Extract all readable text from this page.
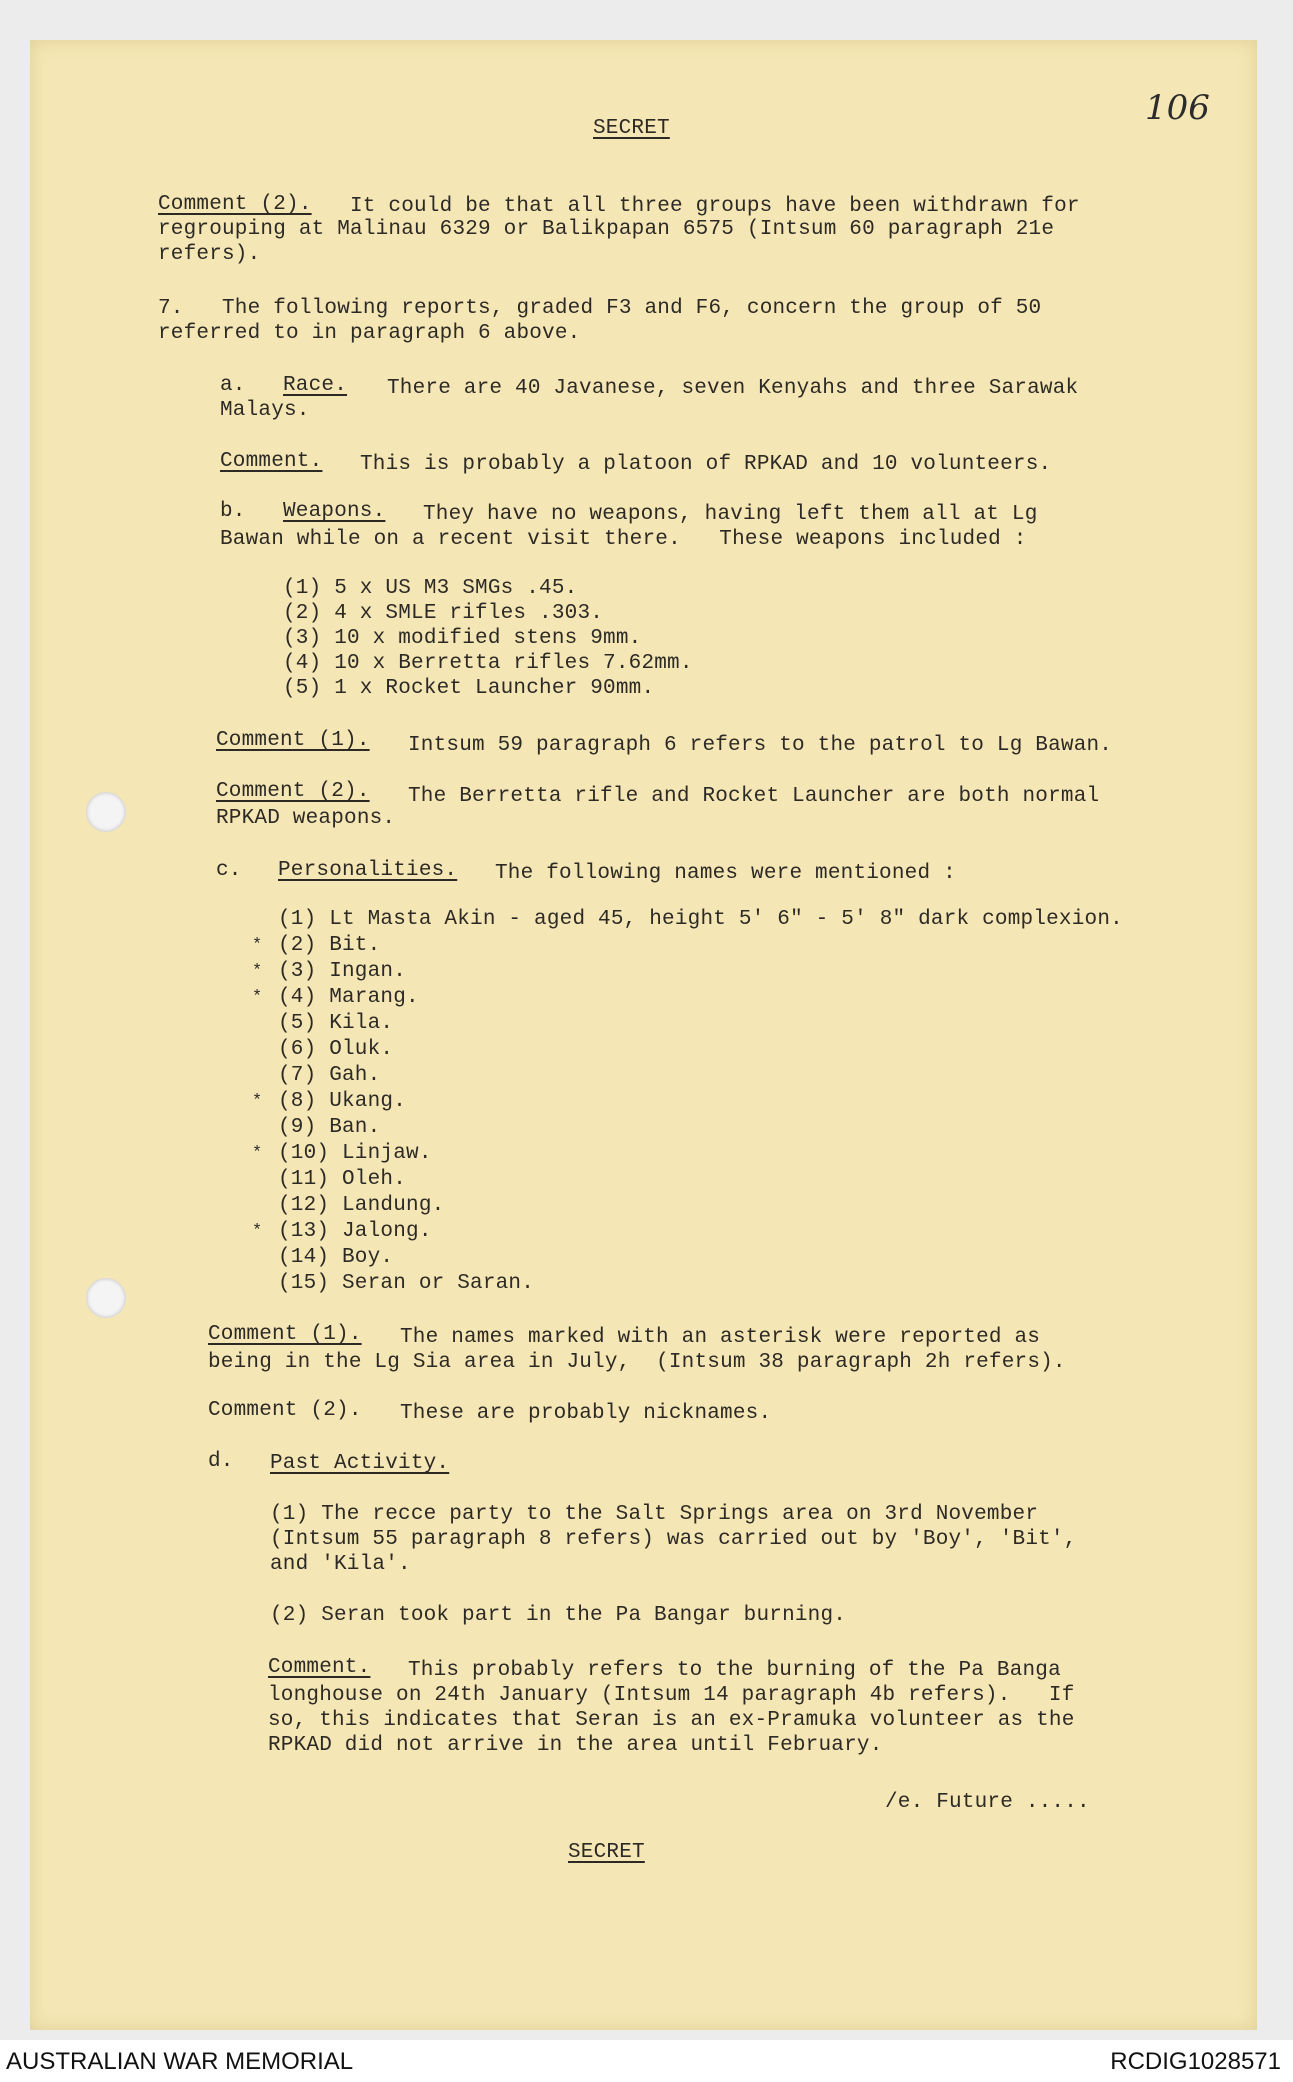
106
SECRET
Comment (2). It could be that all three groups have been withdrawn for
regrouping at Malinau 6329 or Balikpapan 6575 (Intsum 60 paragraph 21e
refers).
7.   The following reports, graded F3 and F6, concern the group of 50
referred to in paragraph 6 above.
a. Race. There are 40 Javanese, seven Kenyahs and three Sarawak
Malays.
Comment. This is probably a platoon of RPKAD and 10 volunteers.
b. Weapons. They have no weapons, having left them all at Lg
Bawan while on a recent visit there.   These weapons included :
(1) 5 x US M3 SMGs .45.
(2) 4 x SMLE rifles .303.
(3) 10 x modified stens 9mm.
(4) 10 x Berretta rifles 7.62mm.
(5) 1 x Rocket Launcher 90mm.
Comment (1). Intsum 59 paragraph 6 refers to the patrol to Lg Bawan.
Comment (2). The Berretta rifle and Rocket Launcher are both normal
RPKAD weapons.
c. Personalities. The following names were mentioned :
(1) Lt Masta Akin - aged 45, height 5' 6" - 5' 8" dark complexion.
* (2) Bit.
* (3) Ingan.
* (4) Marang.
(5) Kila.
(6) Oluk.
(7) Gah.
* (8) Ukang.
(9) Ban.
* (10) Linjaw.
(11) Oleh.
(12) Landung.
* (13) Jalong.
(14) Boy.
(15) Seran or Saran.
Comment (1). The names marked with an asterisk were reported as
being in the Lg Sia area in July,  (Intsum 38 paragraph 2h refers).
Comment (2). These are probably nicknames.
d. Past Activity.
(1) The recce party to the Salt Springs area on 3rd November
(Intsum 55 paragraph 8 refers) was carried out by 'Boy', 'Bit',
and 'Kila'.
(2) Seran took part in the Pa Bangar burning.
Comment. This probably refers to the burning of the Pa Banga
longhouse on 24th January (Intsum 14 paragraph 4b refers).   If
so, this indicates that Seran is an ex-Pramuka volunteer as the
RPKAD did not arrive in the area until February.
/e. Future .....
SECRET
AUSTRALIAN WAR MEMORIAL	RCDIG1028571
